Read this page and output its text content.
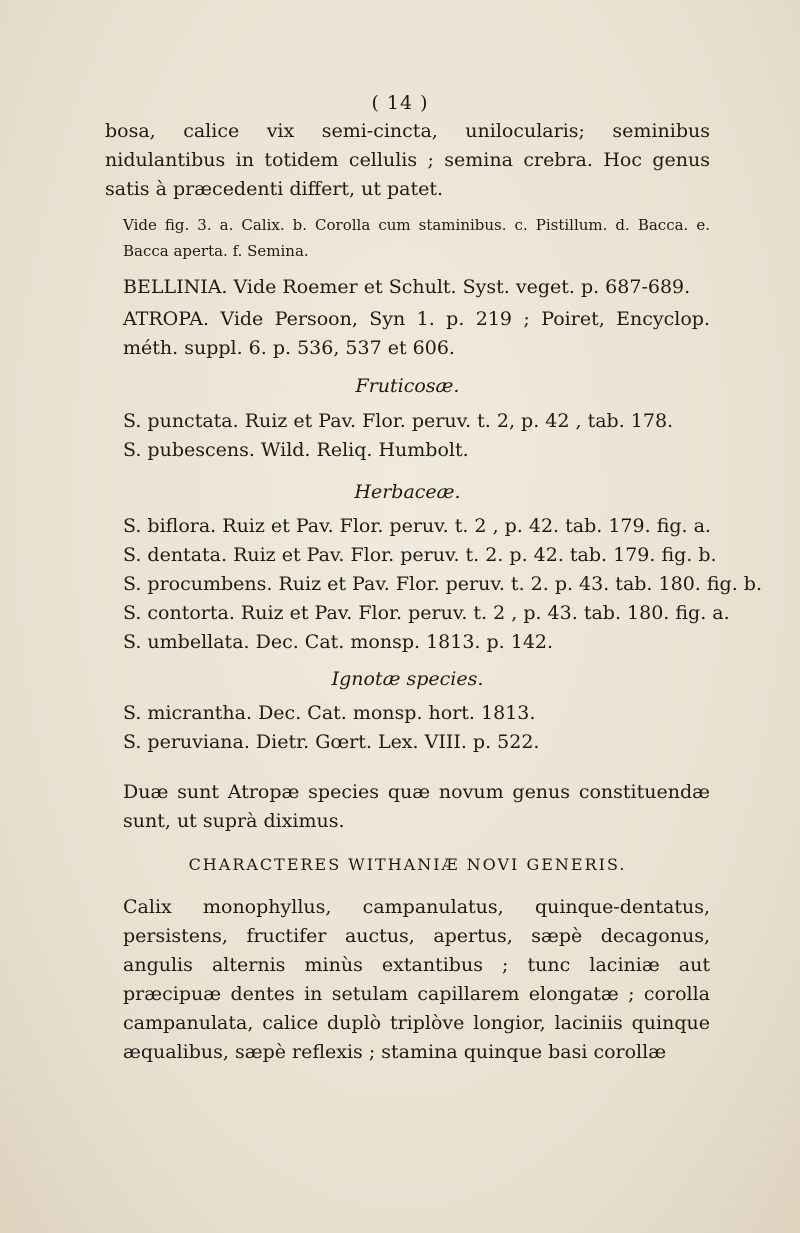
( 14 )

bosa, calice vix semi-cincta, unilocularis; seminibus nidulantibus in totidem cellulis ; semina crebra. Hoc genus satis à præcedenti differt, ut patet.

Vide fig. 3. a. Calix. b. Corolla cum staminibus. c. Pistillum. d. Bacca. e. Bacca aperta. f. Semina.

BELLINIA. Vide Roemer et Schult. Syst. veget. p. 687-689.

ATROPA. Vide Persoon, Syn 1. p. 219 ; Poiret, Encyclop. méth. suppl. 6. p. 536, 537 et 606.

Fruticosæ.

S. punctata. Ruiz et Pav. Flor. peruv. t. 2, p. 42 , tab. 178.

S. pubescens. Wild. Reliq. Humbolt.

Herbaceæ.

S. biflora. Ruiz et Pav. Flor. peruv. t. 2 , p. 42. tab. 179. fig. a.

S. dentata. Ruiz et Pav. Flor. peruv. t. 2. p. 42. tab. 179. fig. b.

S. procumbens. Ruiz et Pav. Flor. peruv. t. 2. p. 43. tab. 180. fig. b.

S. contorta. Ruiz et Pav. Flor. peruv. t. 2 , p. 43. tab. 180. fig. a.

S. umbellata. Dec. Cat. monsp. 1813. p. 142.

Ignotæ species.

S. micrantha. Dec. Cat. monsp. hort. 1813.

S. peruviana. Dietr. Gœrt. Lex. VIII. p. 522.

Duæ sunt Atropæ species quæ novum genus constituendæ sunt, ut suprà diximus.

CHARACTERES WITHANIÆ NOVI GENERIS.

Calix monophyllus, campanulatus, quinque-dentatus, persistens, fructifer auctus, apertus, sæpè decagonus, angulis alternis minùs extantibus ; tunc laciniæ aut præcipuæ dentes in setulam capillarem elongatæ ; corolla campanulata, calice duplò triplòve longior, laciniis quinque æqualibus, sæpè reflexis ; stamina quinque basi corollæ
